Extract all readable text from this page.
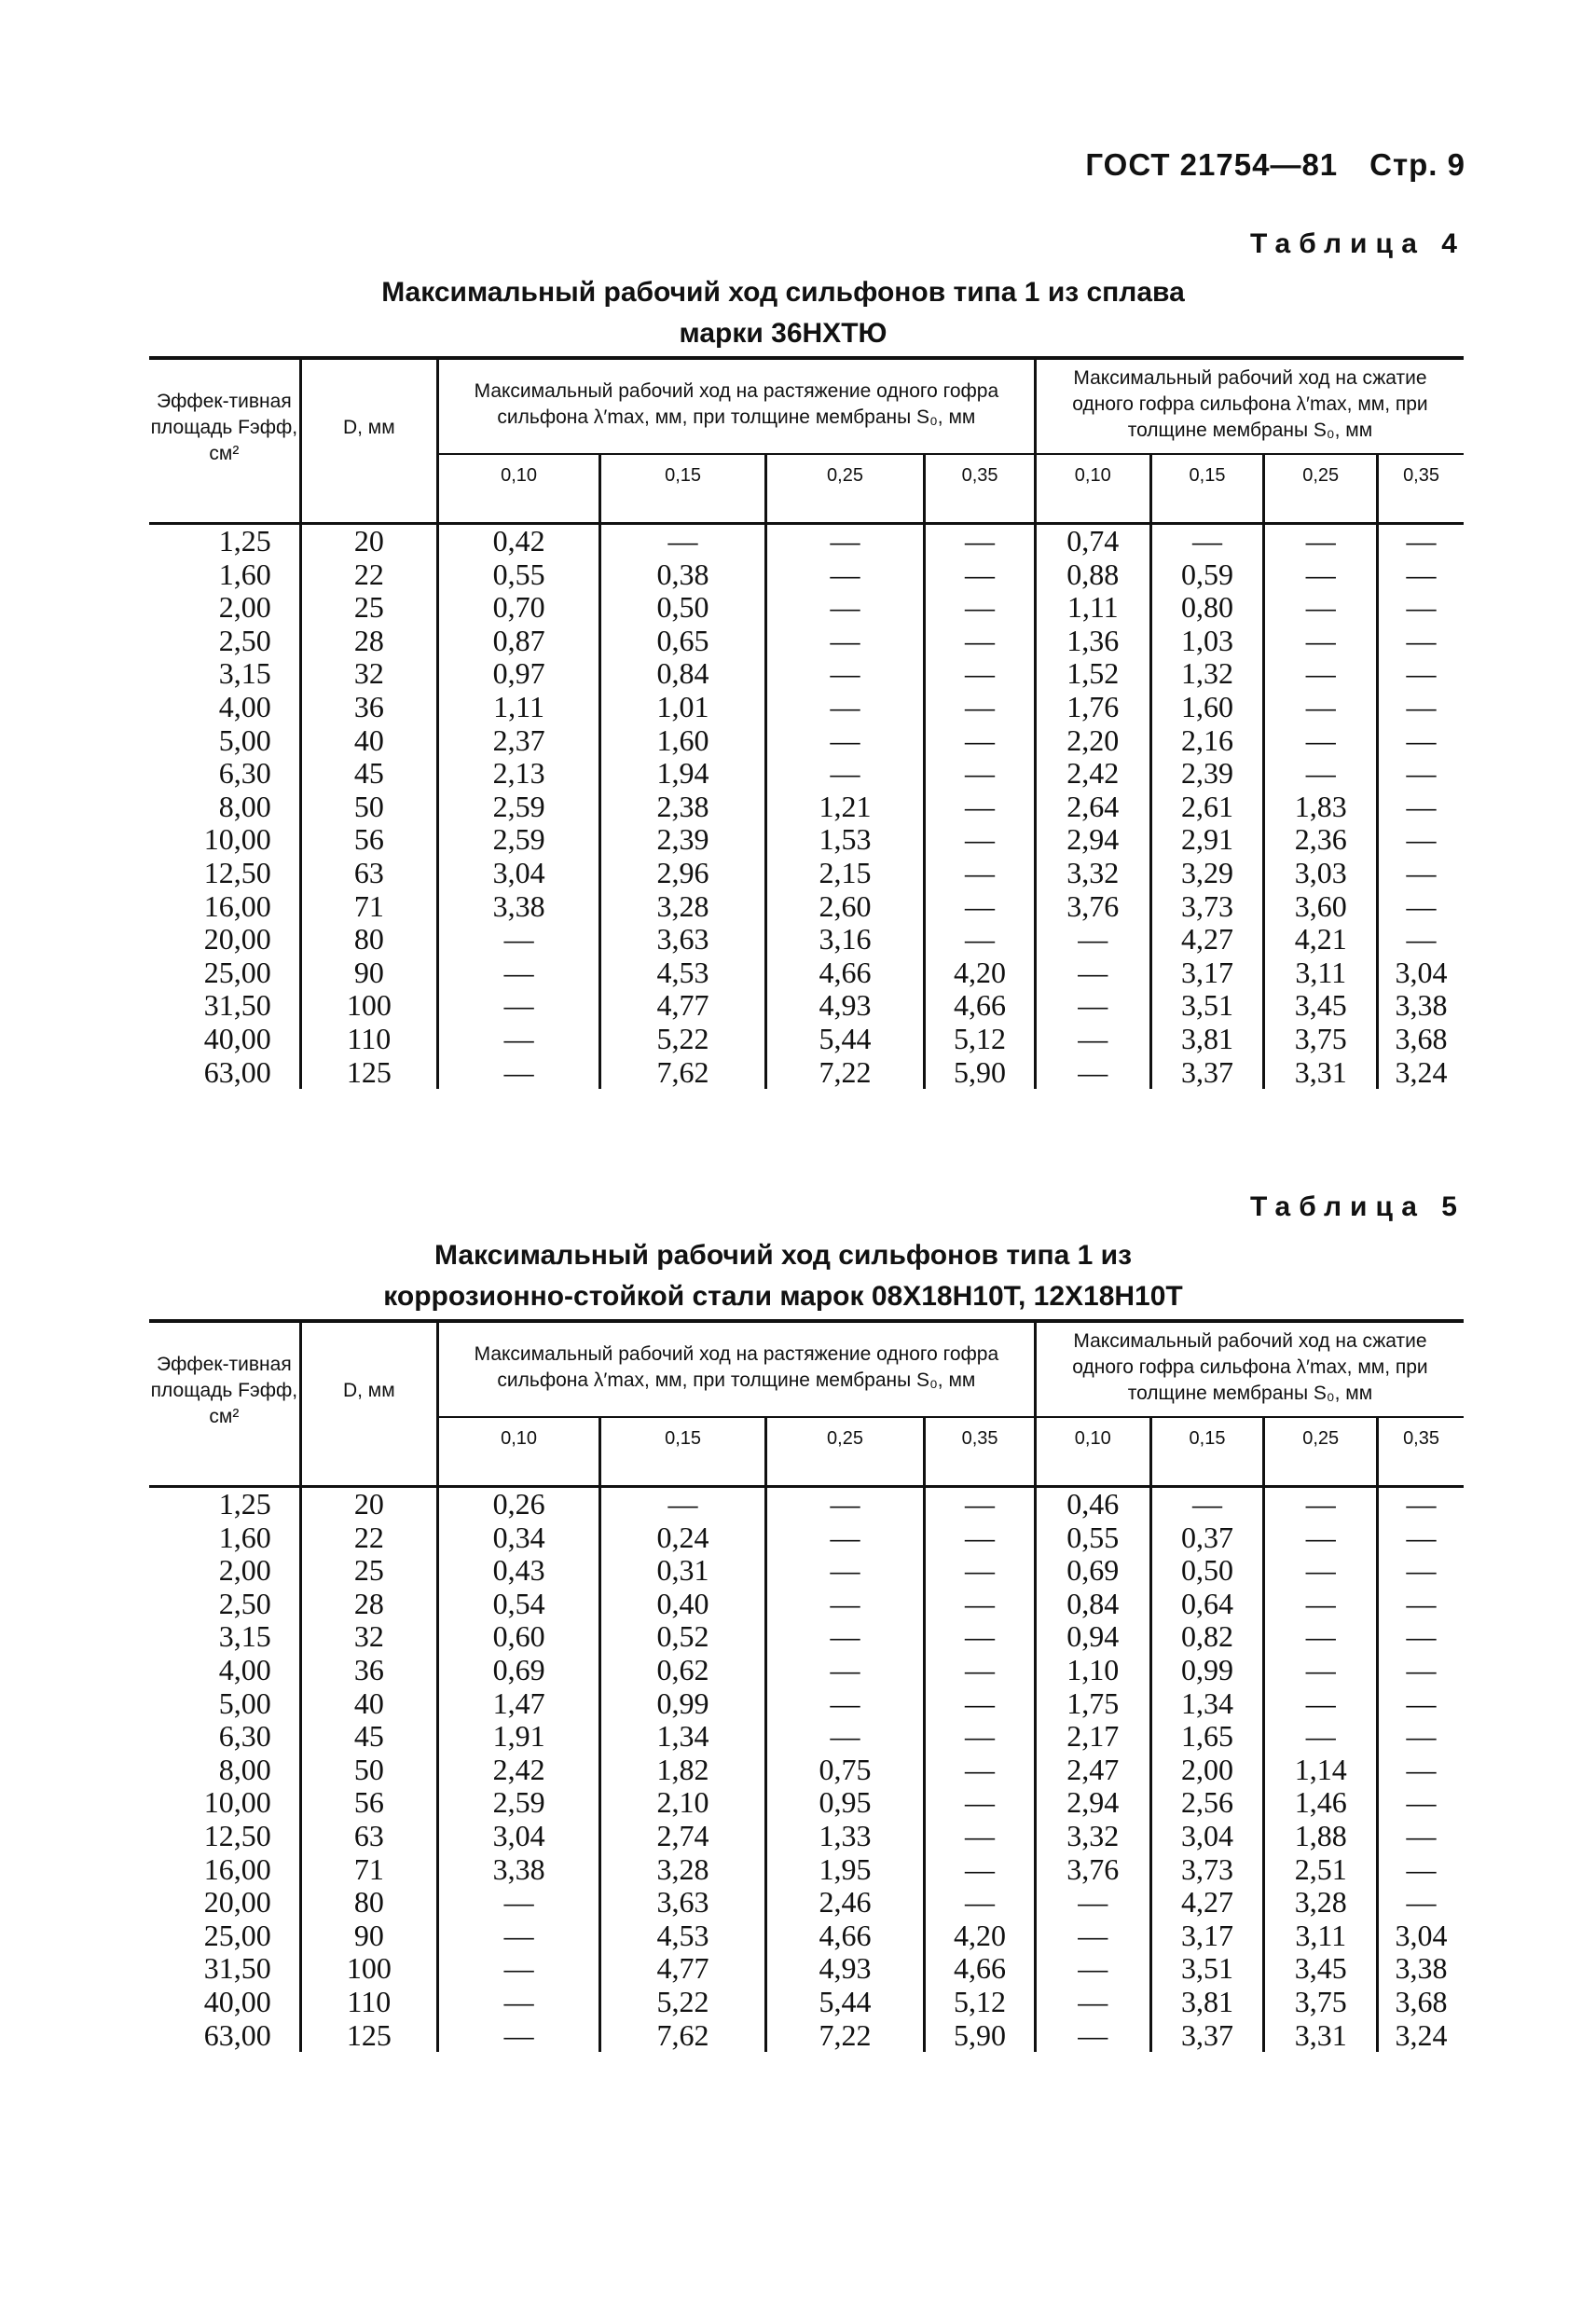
ГОСТ 21754—81 Стр. 9
Таблица 4
Максимальный рабочий ход сильфонов типа 1 из сплава
марки 36НХТЮ
Эффек-тивная площадь Fэфф, см²	D, мм	Максимальный рабочий ход на растяжение одного гофра сильфона λ′max, мм, при толщине мембраны S₀, мм				Максимальный рабочий ход на сжатие одного гофра сильфона λ′max, мм, при толщине мембраны S₀, мм			
		0,10	0,15	0,25	0,35	0,10	0,15	0,25	0,35

1,25	20	0,42	—	—	—	0,74	—	—	—
1,60	22	0,55	0,38	—	—	0,88	0,59	—	—
2,00	25	0,70	0,50	—	—	1,11	0,80	—	—
2,50	28	0,87	0,65	—	—	1,36	1,03	—	—
3,15	32	0,97	0,84	—	—	1,52	1,32	—	—
4,00	36	1,11	1,01	—	—	1,76	1,60	—	—
5,00	40	2,37	1,60	—	—	2,20	2,16	—	—
6,30	45	2,13	1,94	—	—	2,42	2,39	—	—
8,00	50	2,59	2,38	1,21	—	2,64	2,61	1,83	—
10,00	56	2,59	2,39	1,53	—	2,94	2,91	2,36	—
12,50	63	3,04	2,96	2,15	—	3,32	3,29	3,03	—
16,00	71	3,38	3,28	2,60	—	3,76	3,73	3,60	—
20,00	80	—	3,63	3,16	—	—	4,27	4,21	—
25,00	90	—	4,53	4,66	4,20	—	3,17	3,11	3,04
31,50	100	—	4,77	4,93	4,66	—	3,51	3,45	3,38
40,00	110	—	5,22	5,44	5,12	—	3,81	3,75	3,68
63,00	125	—	7,62	7,22	5,90	—	3,37	3,31	3,24
Таблица 5
Максимальный рабочий ход сильфонов типа 1 из
коррозионно-стойкой стали марок 08Х18Н10Т, 12Х18Н10Т
Эффек-тивная площадь Fэфф, см²	D, мм	Максимальный рабочий ход на растяжение одного гофра сильфона λ′max, мм, при толщине мембраны S₀, мм				Максимальный рабочий ход на сжатие одного гофра сильфона λ′max, мм, при толщине мембраны S₀, мм			
		0,10	0,15	0,25	0,35	0,10	0,15	0,25	0,35

1,25	20	0,26	—	—	—	0,46	—	—	—
1,60	22	0,34	0,24	—	—	0,55	0,37	—	—
2,00	25	0,43	0,31	—	—	0,69	0,50	—	—
2,50	28	0,54	0,40	—	—	0,84	0,64	—	—
3,15	32	0,60	0,52	—	—	0,94	0,82	—	—
4,00	36	0,69	0,62	—	—	1,10	0,99	—	—
5,00	40	1,47	0,99	—	—	1,75	1,34	—	—
6,30	45	1,91	1,34	—	—	2,17	1,65	—	—
8,00	50	2,42	1,82	0,75	—	2,47	2,00	1,14	—
10,00	56	2,59	2,10	0,95	—	2,94	2,56	1,46	—
12,50	63	3,04	2,74	1,33	—	3,32	3,04	1,88	—
16,00	71	3,38	3,28	1,95	—	3,76	3,73	2,51	—
20,00	80	—	3,63	2,46	—	—	4,27	3,28	—
25,00	90	—	4,53	4,66	4,20	—	3,17	3,11	3,04
31,50	100	—	4,77	4,93	4,66	—	3,51	3,45	3,38
40,00	110	—	5,22	5,44	5,12	—	3,81	3,75	3,68
63,00	125	—	7,62	7,22	5,90	—	3,37	3,31	3,24
